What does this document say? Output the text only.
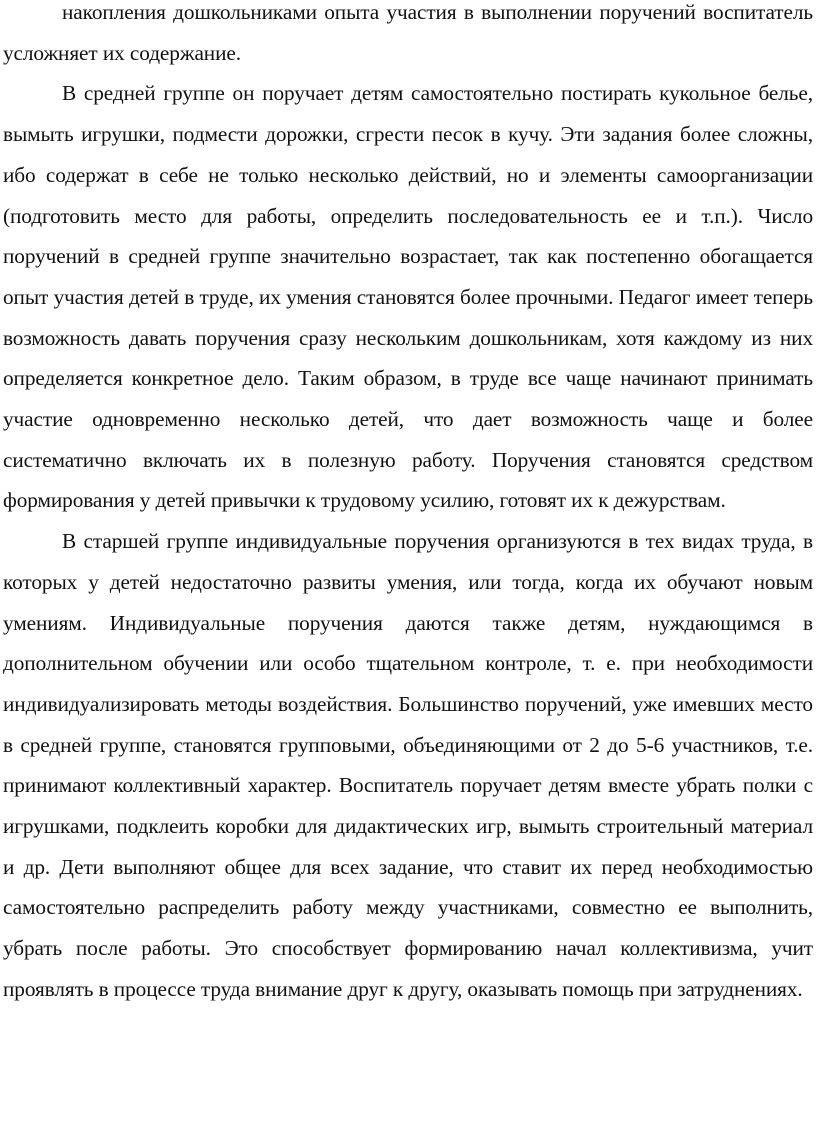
накопления дошкольниками опыта участия в выполнении поручений воспитатель усложняет их содержание.

В средней группе он поручает детям самостоятельно постирать кукольное белье, вымыть игрушки, подмести дорожки, сгрести песок в кучу. Эти задания более сложны, ибо содержат в себе не только несколько действий, но и элементы самоорганизации (подготовить место для работы, определить последовательность ее и т.п.). Число поручений в средней группе значительно возрастает, так как постепенно обогащается опыт участия детей в труде, их умения становятся более прочными. Педагог имеет теперь возможность давать поручения сразу нескольким дошкольникам, хотя каждому из них определяется конкретное дело. Таким образом, в труде все чаще начинают принимать участие одновременно несколько детей, что дает возможность чаще и более систематично включать их в полезную работу. Поручения становятся средством формирования у детей привычки к трудовому усилию, готовят их к дежурствам.

В старшей группе индивидуальные поручения организуются в тех видах труда, в которых у детей недостаточно развиты умения, или тогда, когда их обучают новым умениям. Индивидуальные поручения даются также детям, нуждающимся в дополнительном обучении или особо тщательном контроле, т. е. при необходимости индивидуализировать методы воздействия. Большинство поручений, уже имевших место в средней группе, становятся групповыми, объединяющими от 2 до 5-6 участников, т.е. принимают коллективный характер. Воспитатель поручает детям вместе убрать полки с игрушками, подклеить коробки для дидактических игр, вымыть строительный материал и др. Дети выполняют общее для всех задание, что ставит их перед необходимостью самостоятельно распределить работу между участниками, совместно ее выполнить, убрать после работы. Это способствует формированию начал коллективизма, учит проявлять в процессе труда внимание друг к другу, оказывать помощь при затруднениях.
